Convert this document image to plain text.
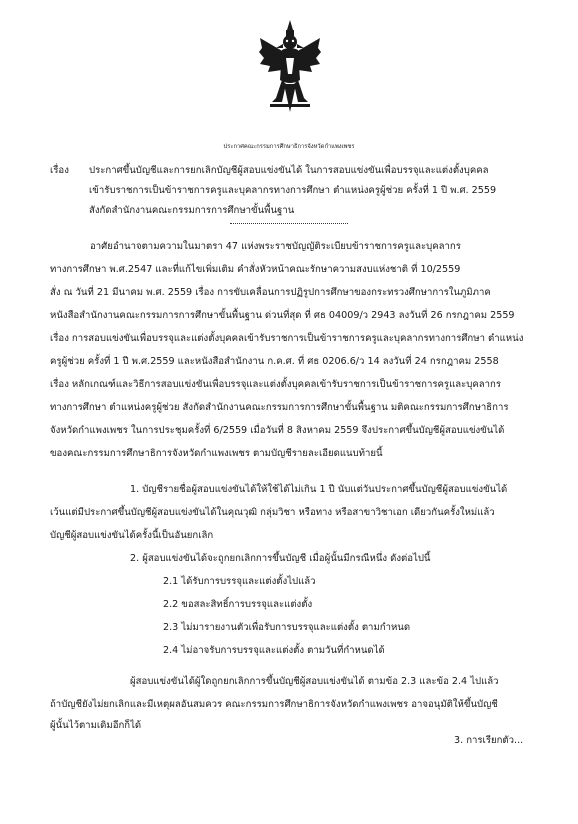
ประกาศคณะกรรมการศึกษาธิการจังหวัดกำแพงเพชร
เรื่อง ประกาศขึ้นบัญชีและการยกเลิกบัญชีผู้สอบแข่งขันได้ ในการสอบแข่งขันเพื่อบรรจุและแต่งตั้งบุคคล
เข้ารับราชการเป็นข้าราชการครูและบุคลากรทางการศึกษา ตำแหน่งครูผู้ช่วย ครั้งที่ 1 ปี พ.ศ. 2559
สังกัดสำนักงานคณะกรรมการการศึกษาขั้นพื้นฐาน
อาศัยอำนาจตามความในมาตรา 47 แห่งพระราชบัญญัติระเบียบข้าราชการครูและบุคลากร
ทางการศึกษา พ.ศ.2547 และที่แก้ไขเพิ่มเติม คำสั่งหัวหน้าคณะรักษาความสงบแห่งชาติ ที่ 10/2559
สั่ง ณ วันที่ 21 มีนาคม พ.ศ. 2559 เรื่อง การขับเคลื่อนการปฏิรูปการศึกษาของกระทรวงศึกษาการในภูมิภาค
หนังสือสำนักงานคณะกรรมการการศึกษาขั้นพื้นฐาน ด่วนที่สุด ที่ ศธ 04009/ว 2943 ลงวันที่ 26 กรกฎาคม 2559
เรื่อง การสอบแข่งขันเพื่อบรรจุและแต่งตั้งบุคคลเข้ารับราชการเป็นข้าราชการครูและบุคลากรทางการศึกษา ตำแหน่ง
ครูผู้ช่วย ครั้งที่ 1 ปี พ.ศ.2559 และหนังสือสำนักงาน ก.ค.ศ. ที่ ศธ 0206.6/ว 14 ลงวันที่ 24 กรกฎาคม 2558
เรื่อง หลักเกณฑ์และวิธีการสอบแข่งขันเพื่อบรรจุและแต่งตั้งบุคคลเข้ารับราชการเป็นข้าราชการครูและบุคลากร
ทางการศึกษา ตำแหน่งครูผู้ช่วย สังกัดสำนักงานคณะกรรมการการศึกษาขั้นพื้นฐาน มติคณะกรรมการศึกษาธิการ
จังหวัดกำแพงเพชร ในการประชุมครั้งที่ 6/2559 เมื่อวันที่ 8 สิงหาคม 2559 จึงประกาศขึ้นบัญชีผู้สอบแข่งขันได้
ของคณะกรรมการศึกษาธิการจังหวัดกำแพงเพชร ตามบัญชีรายละเอียดแนบท้ายนี้
1. บัญชีรายชื่อผู้สอบแข่งขันได้ให้ใช้ได้ไม่เกิน 1 ปี นับแต่วันประกาศขึ้นบัญชีผู้สอบแข่งขันได้
เว้นแต่มีประกาศขึ้นบัญชีผู้สอบแข่งขันได้ในคุณวุฒิ กลุ่มวิชา หรือทาง หรือสาขาวิชาเอก เดียวกันครั้งใหม่แล้ว
บัญชีผู้สอบแข่งขันได้ครั้งนี้เป็นอันยกเลิก
2. ผู้สอบแข่งขันได้จะถูกยกเลิกการขึ้นบัญชี เมื่อผู้นั้นมีกรณีหนึ่ง ดังต่อไปนี้
2.1 ได้รับการบรรจุและแต่งตั้งไปแล้ว
2.2 ขอสละสิทธิ์การบรรจุและแต่งตั้ง
2.3 ไม่มารายงานตัวเพื่อรับการบรรจุและแต่งตั้ง ตามกำหนด
2.4 ไม่อาจรับการบรรจุและแต่งตั้ง ตามวันที่กำหนดได้
ผู้สอบแข่งขันได้ผู้ใดถูกยกเลิกการขึ้นบัญชีผู้สอบแข่งขันได้ ตามข้อ 2.3 และข้อ 2.4 ไปแล้ว
ถ้าบัญชียังไม่ยกเลิกและมีเหตุผลอันสมควร คณะกรรมการศึกษาธิการจังหวัดกำแพงเพชร อาจอนุมัติให้ขึ้นบัญชี
ผู้นั้นไว้ตามเดิมอีกก็ได้
3. การเรียกตัว...
